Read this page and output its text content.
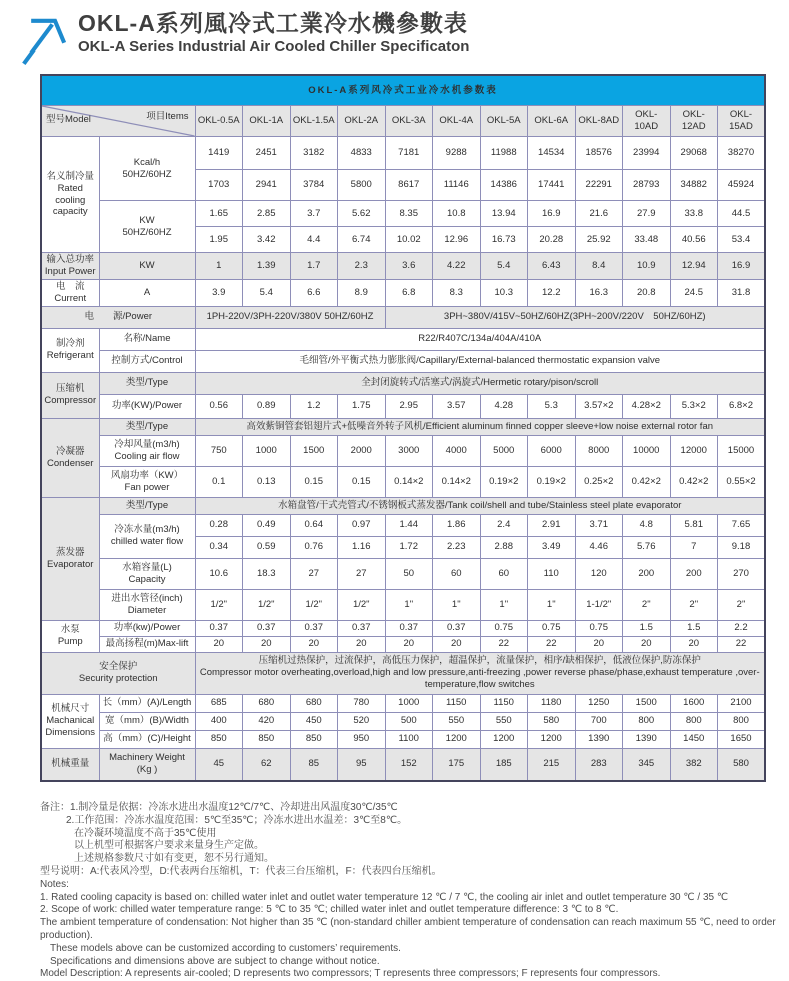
OKL-A系列風冷式工業冷水機參數表
OKL-A Series Industrial Air Cooled Chiller Specificaton
OKL-A系列风冷式工业冷水机参数表													

型号Model 项目Items		OKL-0.5A	OKL-1A	OKL-1.5A	OKL-2A	OKL-3A	OKL-4A	OKL-5A	OKL-6A	OKL-8AD	OKL-10AD	OKL-12AD	OKL-15AD
名义制冷量
Rated
cooling
capacity	Kcal/h
50HZ/60HZ	1419	2451	3182	4833	7181	9288	11988	14534	18576	23994	29068	38270
		1703	2941	3784	5800	8617	11146	14386	17441	22291	28793	34882	45924
	KW
50HZ/60HZ	1.65	2.85	3.7	5.62	8.35	10.8	13.94	16.9	21.6	27.9	33.8	44.5
		1.95	3.42	4.4	6.74	10.02	12.96	16.73	20.28	25.92	33.48	40.56	53.4
输入总功率
Input Power	KW	1	1.39	1.7	2.3	3.6	4.22	5.4	6.43	8.4	10.9	12.94	16.9
电　流
Current	A	3.9	5.4	6.6	8.9	6.8	8.3	10.3	12.2	16.3	20.8	24.5	31.8
电　　源/Power		1PH-220V/3PH-220V/380V 50HZ/60HZ				3PH~380V/415V~50HZ/60HZ(3PH~200V/220V　50HZ/60HZ)							
制冷剂
Refrigerant	名称/Name	R22/R407C/134a/404A/410A											
	控制方式/Control	毛细管/外平衡式热力膨胀阀/Capillary/External-balanced thermostatic expansion valve											
压缩机
Compressor	类型/Type	全封闭旋转式/活塞式/涡旋式/Hermetic rotary/pison/scroll											
	功率(KW)/Power	0.56	0.89	1.2	1.75	2.95	3.57	4.28	5.3	3.57×2	4.28×2	5.3×2	6.8×2
冷凝器
Condenser	类型/Type	高效紫铜管套铝翅片式+低噪音外转子风机/Efficient aluminum finned copper sleeve+low noise external rotor fan											
	冷却风量(m3/h)
Cooling air flow	750	1000	1500	2000	3000	4000	5000	6000	8000	10000	12000	15000
	风扇功率（KW）
Fan power	0.1	0.13	0.15	0.15	0.14×2	0.14×2	0.19×2	0.19×2	0.25×2	0.42×2	0.42×2	0.55×2
蒸发器
Evaporator	类型/Type	水箱盘管/干式壳管式/不锈钢板式蒸发器/Tank coil/shell and tube/Stainless steel plate evaporator											
	冷冻水量(m3/h)
chilled water flow	0.28	0.49	0.64	0.97	1.44	1.86	2.4	2.91	3.71	4.8	5.81	7.65
		0.34	0.59	0.76	1.16	1.72	2.23	2.88	3.49	4.46	5.76	7	9.18
	水箱容量(L)
Capacity	10.6	18.3	27	27	50	60	60	110	120	200	200	270
	进出水管径(inch)
Diameter	1/2"	1/2"	1/2"	1/2"	1"	1"	1"	1"	1-1/2"	2"	2"	2"
水泵
Pump	功率(kw)/Power	0.37	0.37	0.37	0.37	0.37	0.37	0.75	0.75	0.75	1.5	1.5	2.2
	最高扬程(m)Max-lift	20	20	20	20	20	20	22	22	20	20	20	22
安全保护
Security protection		压缩机过热保护，过流保护，高低压力保护，超温保护，流量保护，相序/缺相保护，低液位保护,防冻保护
Compressor motor overheating,overload,high and low pressure,anti-freezing ,power reverse phase/phase,exhaust temperature ,over-temperature,flow switches											
机械尺寸
Machanical
Dimensions	长（mm）(A)/Length	685	680	680	780	1000	1150	1150	1180	1250	1500	1600	2100
	宽（mm）(B)/Width	400	420	450	520	500	550	550	580	700	800	800	800
	高（mm）(C)/Height	850	850	850	950	1100	1200	1200	1200	1390	1390	1450	1650
机械重量	Machinery Weight
(Kg )	45	62	85	95	152	175	185	215	283	345	382	580
备注：1.制冷量是依据：冷冻水进出水温度12℃/7℃、冷却进出风温度30℃/35℃
2.工作范围：冷冻水温度范围：5℃至35℃；冷冻水进出水温差：3℃至8℃。
在冷凝环境温度不高于35℃使用
以上机型可根据客户要求来量身生产定做。
上述规格参数尺寸如有变更，恕不另行通知。
型号说明：A:代表风冷型，D:代表两台压缩机，T：代表三台压缩机，F：代表四台压缩机。
Notes:
1. Rated cooling capacity is based on: chilled water inlet and outlet water temperature 12 ℃ / 7 ℃, the cooling air inlet and outlet temperature 30 ℃ / 35 ℃
2. Scope of work: chilled water temperature range: 5 ℃ to 35 ℃; chilled water inlet and outlet temperature difference: 3 ℃ to 8 ℃.
The ambient temperature of condensation: Not higher than 35 ℃ (non-standard chiller ambient temperature of condensation can reach maximum 55 ℃, need to order production).
These models above can be customized according to customers’ requirements.
Specifications and dimensions above are subject to change without notice.
Model Description: A represents air-cooled; D represents two compressors; T represents three compressors; F represents four compressors.
